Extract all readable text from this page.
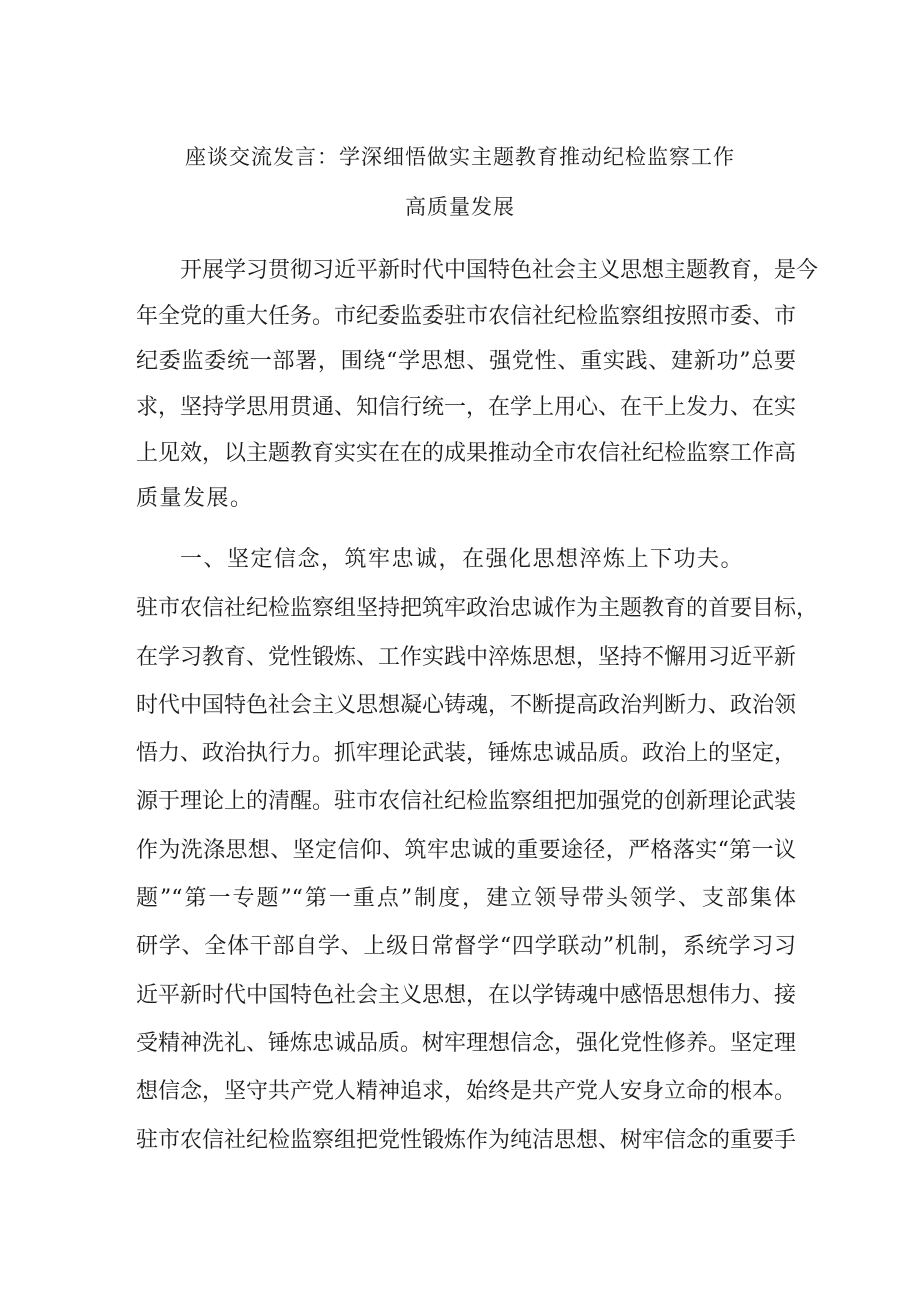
座谈交流发言：学深细悟做实主题教育推动纪检监察工作
高质量发展
开展学习贯彻习近平新时代中国特色社会主义思想主题教育，是今
年全党的重大任务。市纪委监委驻市农信社纪检监察组按照市委、市
纪委监委统一部署，围绕“学思想、强党性、重实践、建新功”总要
求，坚持学思用贯通、知信行统一，在学上用心、在干上发力、在实
上见效，以主题教育实实在在的成果推动全市农信社纪检监察工作高
质量发展。
一、坚定信念，筑牢忠诚，在强化思想淬炼上下功夫。
驻市农信社纪检监察组坚持把筑牢政治忠诚作为主题教育的首要目标，
在学习教育、党性锻炼、工作实践中淬炼思想，坚持不懈用习近平新
时代中国特色社会主义思想凝心铸魂，不断提高政治判断力、政治领
悟力、政治执行力。抓牢理论武装，锤炼忠诚品质。政治上的坚定，
源于理论上的清醒。驻市农信社纪检监察组把加强党的创新理论武装
作为洗涤思想、坚定信仰、筑牢忠诚的重要途径，严格落实“第一议
题”“第一专题”“第一重点”制度，建立领导带头领学、支部集体
研学、全体干部自学、上级日常督学“四学联动”机制，系统学习习
近平新时代中国特色社会主义思想，在以学铸魂中感悟思想伟力、接
受精神洗礼、锤炼忠诚品质。树牢理想信念，强化党性修养。坚定理
想信念，坚守共产党人精神追求，始终是共产党人安身立命的根本。
驻市农信社纪检监察组把党性锻炼作为纯洁思想、树牢信念的重要手
